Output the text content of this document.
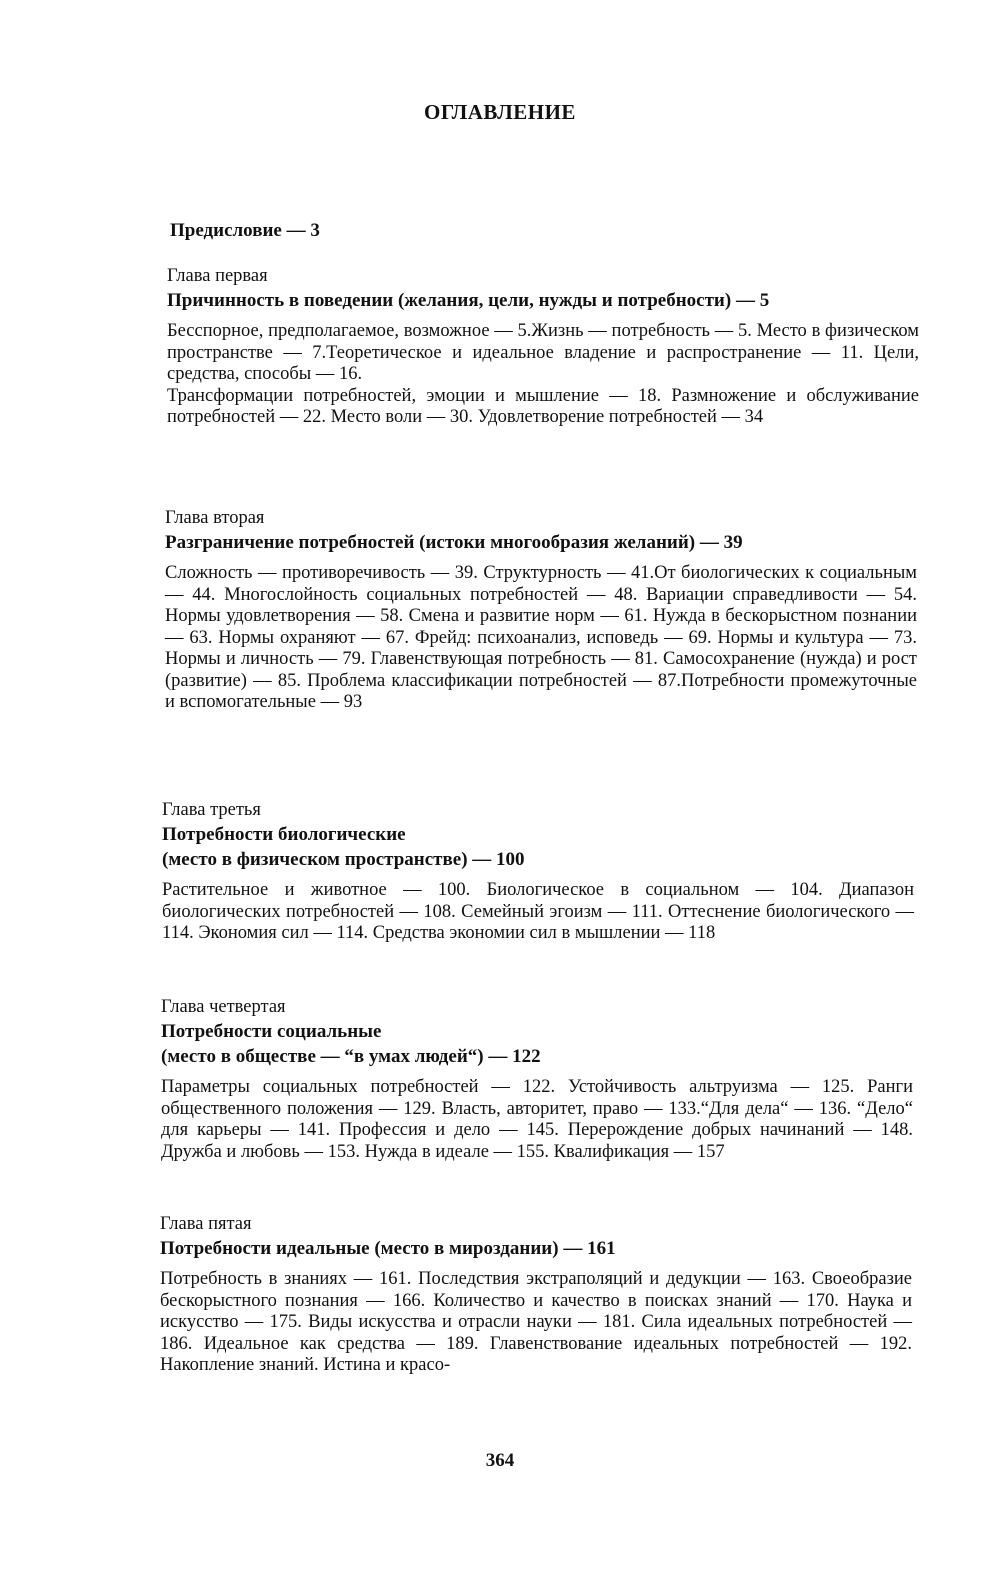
ОГЛАВЛЕНИЕ
Предисловие — 3
Глава первая
Причинность в поведении (желания, цели, нужды и потребности) — 5

Бесспорное, предполагаемое, возможное — 5.Жизнь — потребность — 5. Место в физическом пространстве — 7.Теоретическое и идеальное владение и распространение — 11. Цели, средства, способы — 16.

Трансформации потребностей, эмоции и мышление — 18. Размножение и обслуживание потребностей — 22. Место воли — 30. Удовлетворение потребностей — 34

Глава вторая
Разграничение потребностей (истоки многообразия желаний) — 39

Сложность — противоречивость — 39. Структурность — 41.От биологических к социальным — 44. Многослойность социальных потребностей — 48. Вариации справедливости — 54. Нормы удовлетворения — 58. Смена и развитие норм — 61. Нужда в бескорыстном познании — 63. Нормы охраняют — 67. Фрейд: психоанализ, исповедь — 69. Нормы и культура — 73. Нормы и личность — 79. Главенствующая потребность — 81. Самосохранение (нужда) и рост (развитие) — 85. Проблема классификации потребностей — 87.Потребности промежуточные и вспомогательные — 93

Глава третья
Потребности биологические
(место в физическом пространстве) — 100

Растительное и животное — 100. Биологическое в социальном — 104. Диапазон биологических потребностей — 108. Семейный эгоизм — 111. Оттеснение биологического — 114. Экономия сил — 114. Средства экономии сил в мышлении — 118

Глава четвертая
Потребности социальные
(место в обществе — “в умах людей“) — 122

Параметры социальных потребностей — 122. Устойчивость альтруизма — 125. Ранги общественного положения — 129. Власть, авторитет, право — 133.“Для дела“ — 136. “Дело“ для карьеры — 141. Профессия и дело — 145. Перерождение добрых начинаний — 148. Дружба и любовь — 153. Нужда в идеале — 155. Квалификация — 157

Глава пятая
Потребности идеальные (место в мироздании) — 161

Потребность в знаниях — 161. Последствия экстраполяций и дедукции — 163. Своеобразие бескорыстного познания — 166. Количество и качество в поисках знаний — 170. Наука и искусство — 175. Виды искусства и отрасли науки — 181. Сила идеальных потребностей — 186. Идеальное как средства — 189. Главенствование идеальных потребностей — 192. Накопление знаний. Истина и красо-

364
